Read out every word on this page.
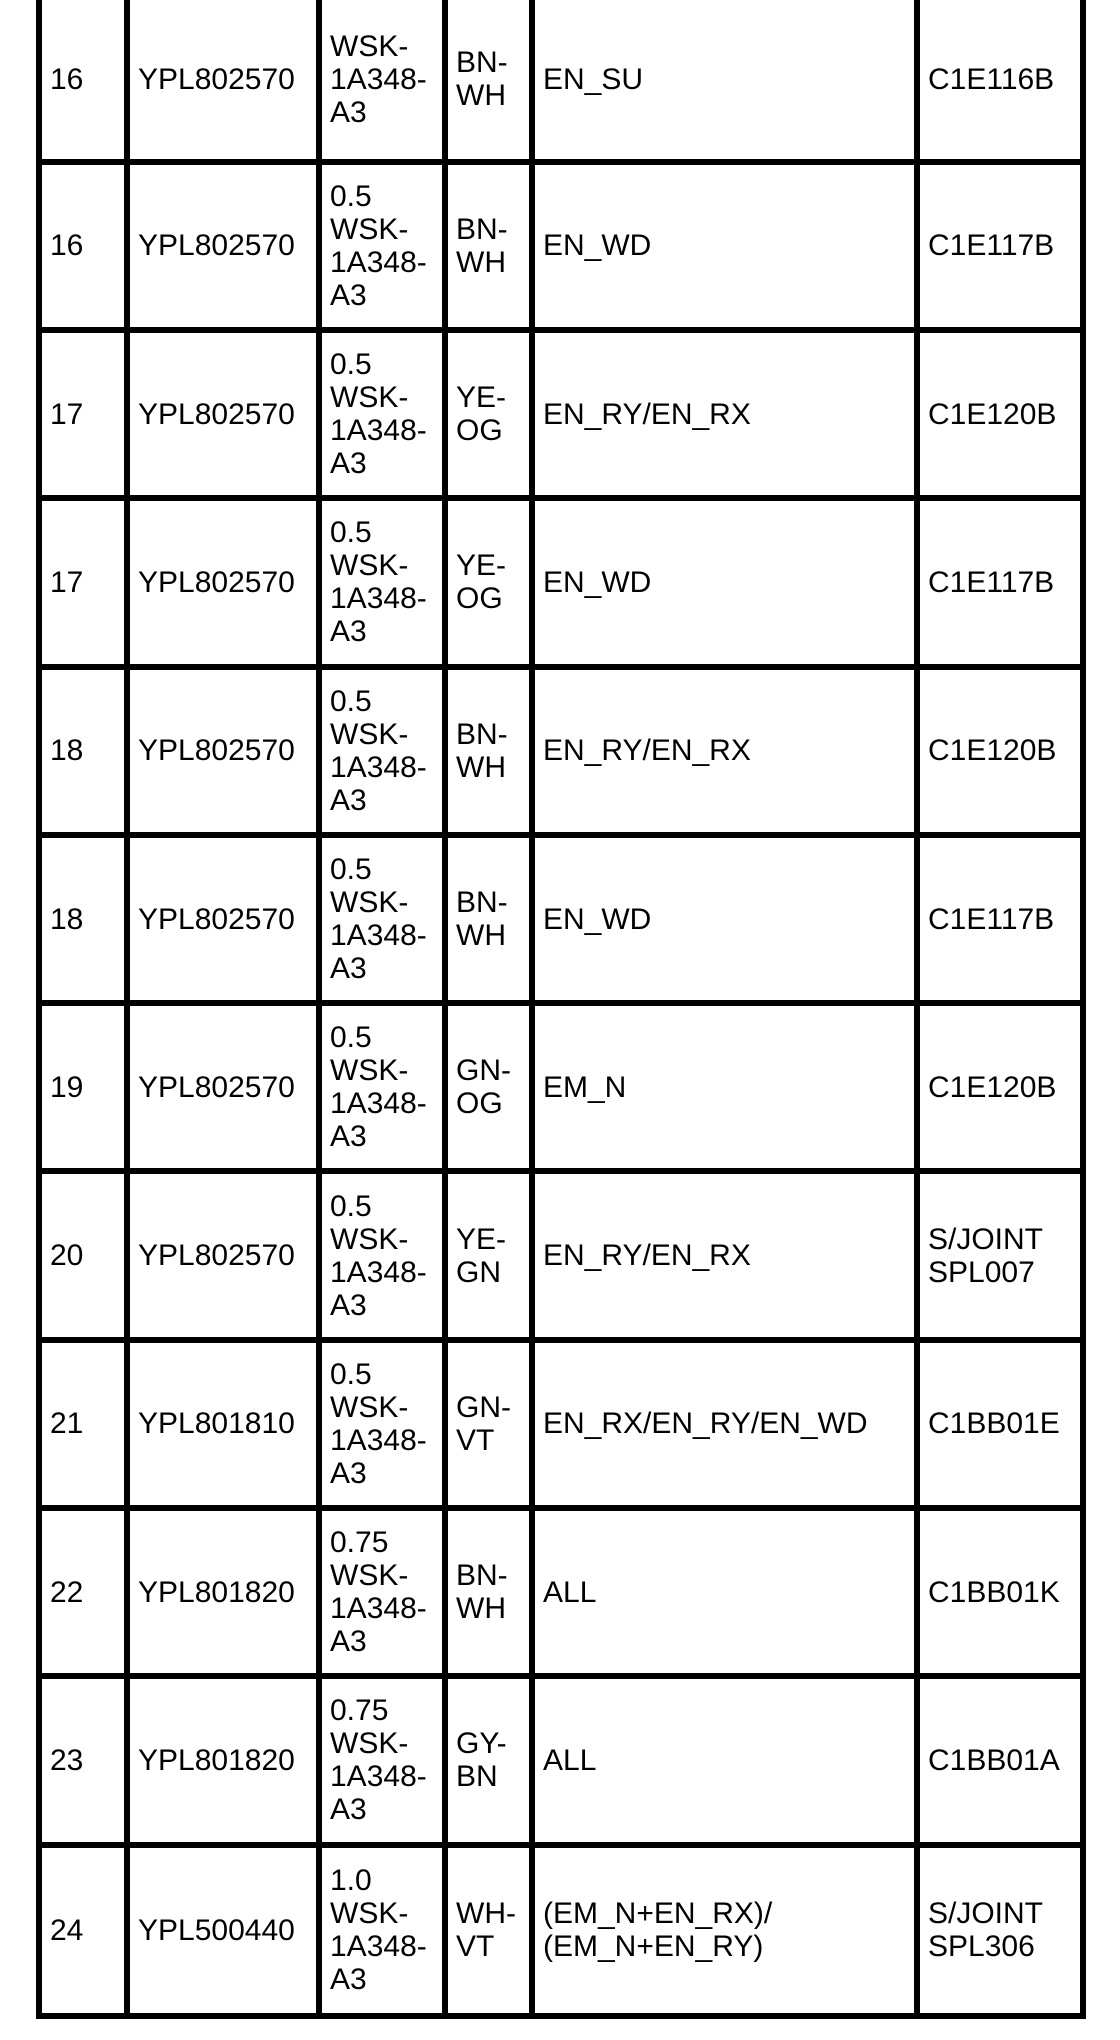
16	YPL802570	WSK-
1A348-
A3	BN-
WH	EN_SU	C1E116B
16	YPL802570	0.5
WSK-
1A348-
A3	BN-
WH	EN_WD	C1E117B
17	YPL802570	0.5
WSK-
1A348-
A3	YE-
OG	EN_RY/EN_RX	C1E120B
17	YPL802570	0.5
WSK-
1A348-
A3	YE-
OG	EN_WD	C1E117B
18	YPL802570	0.5
WSK-
1A348-
A3	BN-
WH	EN_RY/EN_RX	C1E120B
18	YPL802570	0.5
WSK-
1A348-
A3	BN-
WH	EN_WD	C1E117B
19	YPL802570	0.5
WSK-
1A348-
A3	GN-
OG	EM_N	C1E120B
20	YPL802570	0.5
WSK-
1A348-
A3	YE-
GN	EN_RY/EN_RX	S/JOINT
SPL007
21	YPL801810	0.5
WSK-
1A348-
A3	GN-
VT	EN_RX/EN_RY/EN_WD	C1BB01E
22	YPL801820	0.75
WSK-
1A348-
A3	BN-
WH	ALL	C1BB01K
23	YPL801820	0.75
WSK-
1A348-
A3	GY-
BN	ALL	C1BB01A
24	YPL500440	1.0
WSK-
1A348-
A3	WH-
VT	(EM_N+EN_RX)/
(EM_N+EN_RY)	S/JOINT
SPL306
